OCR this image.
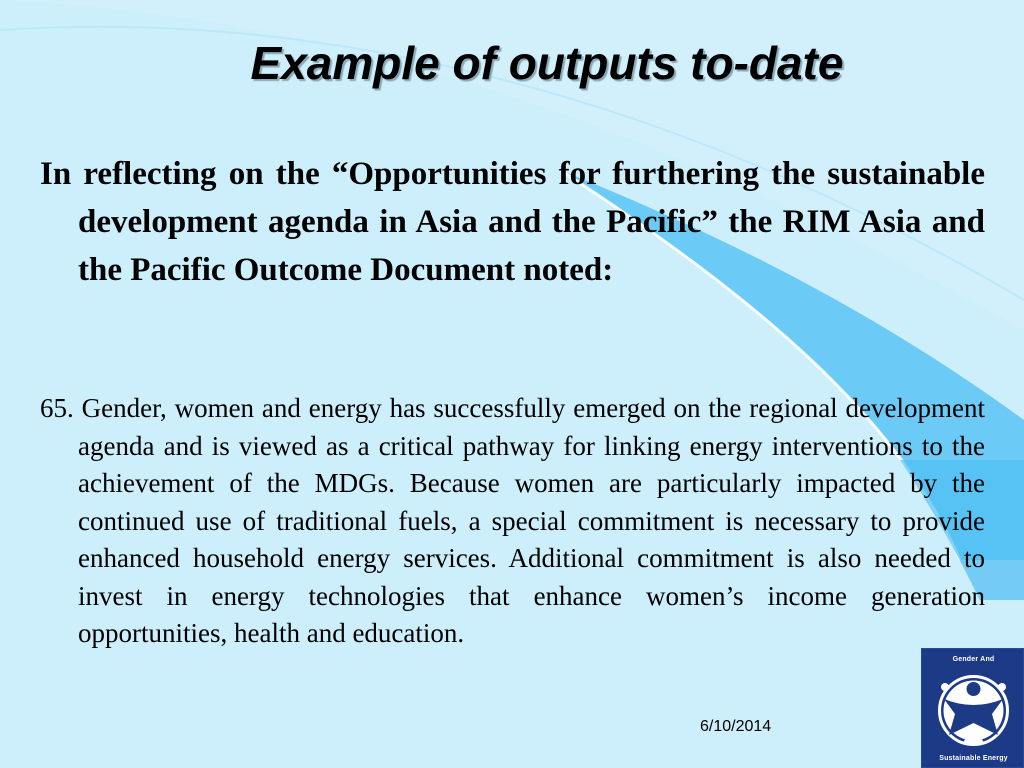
Example of outputs to-date

In reflecting on the “Opportunities for furthering the sustainable development agenda in Asia and the Pacific” the RIM Asia and the Pacific Outcome Document noted:

65. Gender, women and energy has successfully emerged on the regional development agenda and is viewed as a critical pathway for linking energy interventions to the achievement of the MDGs. Because women are particularly impacted by the continued use of traditional fuels, a special commitment is necessary to provide enhanced household energy services. Additional commitment is also needed to invest in energy technologies that enhance women’s income generation opportunities, health and education.

6/10/2014
Gender And
Sustainable Energy
